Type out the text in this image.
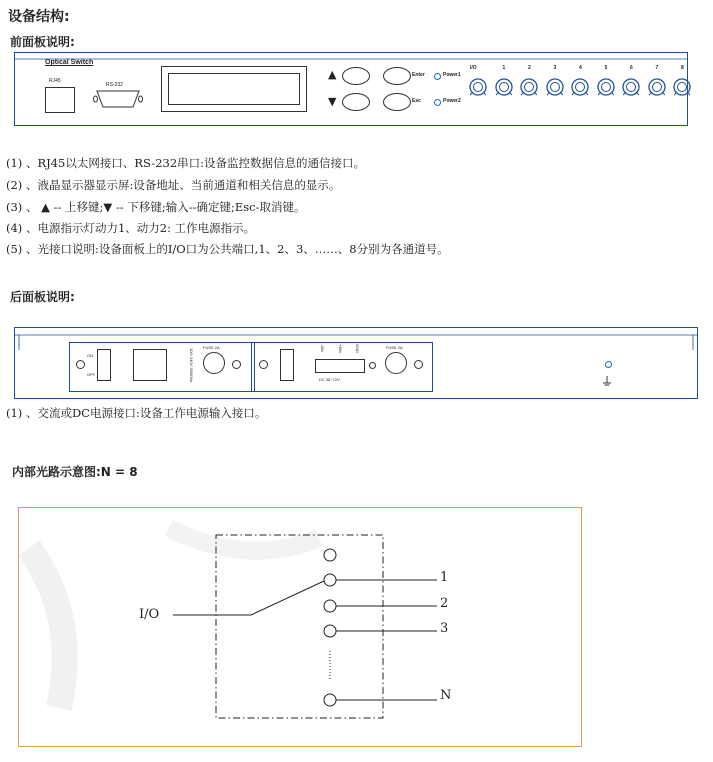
设备结构:
前面板说明:
Optical Switch
RJ45
RS-232
▲
▼
Enter
Esc
Power1
Power2
I/O	1	2	3	4	5	6	7	8
(1) 、RJ45以太网接口、RS-232串口:设备监控数据信息的通信接口。
(2) 、液晶显示器显示屏:设备地址、当前通道和相关信息的显示。
(3) 、 ▲ -- 上移键;▼ -- 下移键;输入--确定键;Esc-取消键。
(4) 、电源指示灯动力1、动力2: 工作电源指示。
(5) 、光接口说明:设备面板上的I/O口为公共端口,1、2、3、……、8分别为各通道号。
后面板说明:
ON
OFF	100~240V 50/60Hz
FUSE 2A	-48V	+48V	GND
DC 36~72V
FUSE 2A
(1) 、交流或DC电源接口:设备工作电源输入接口。
内部光路示意图:N = 8
I/O
1
2
3
N
